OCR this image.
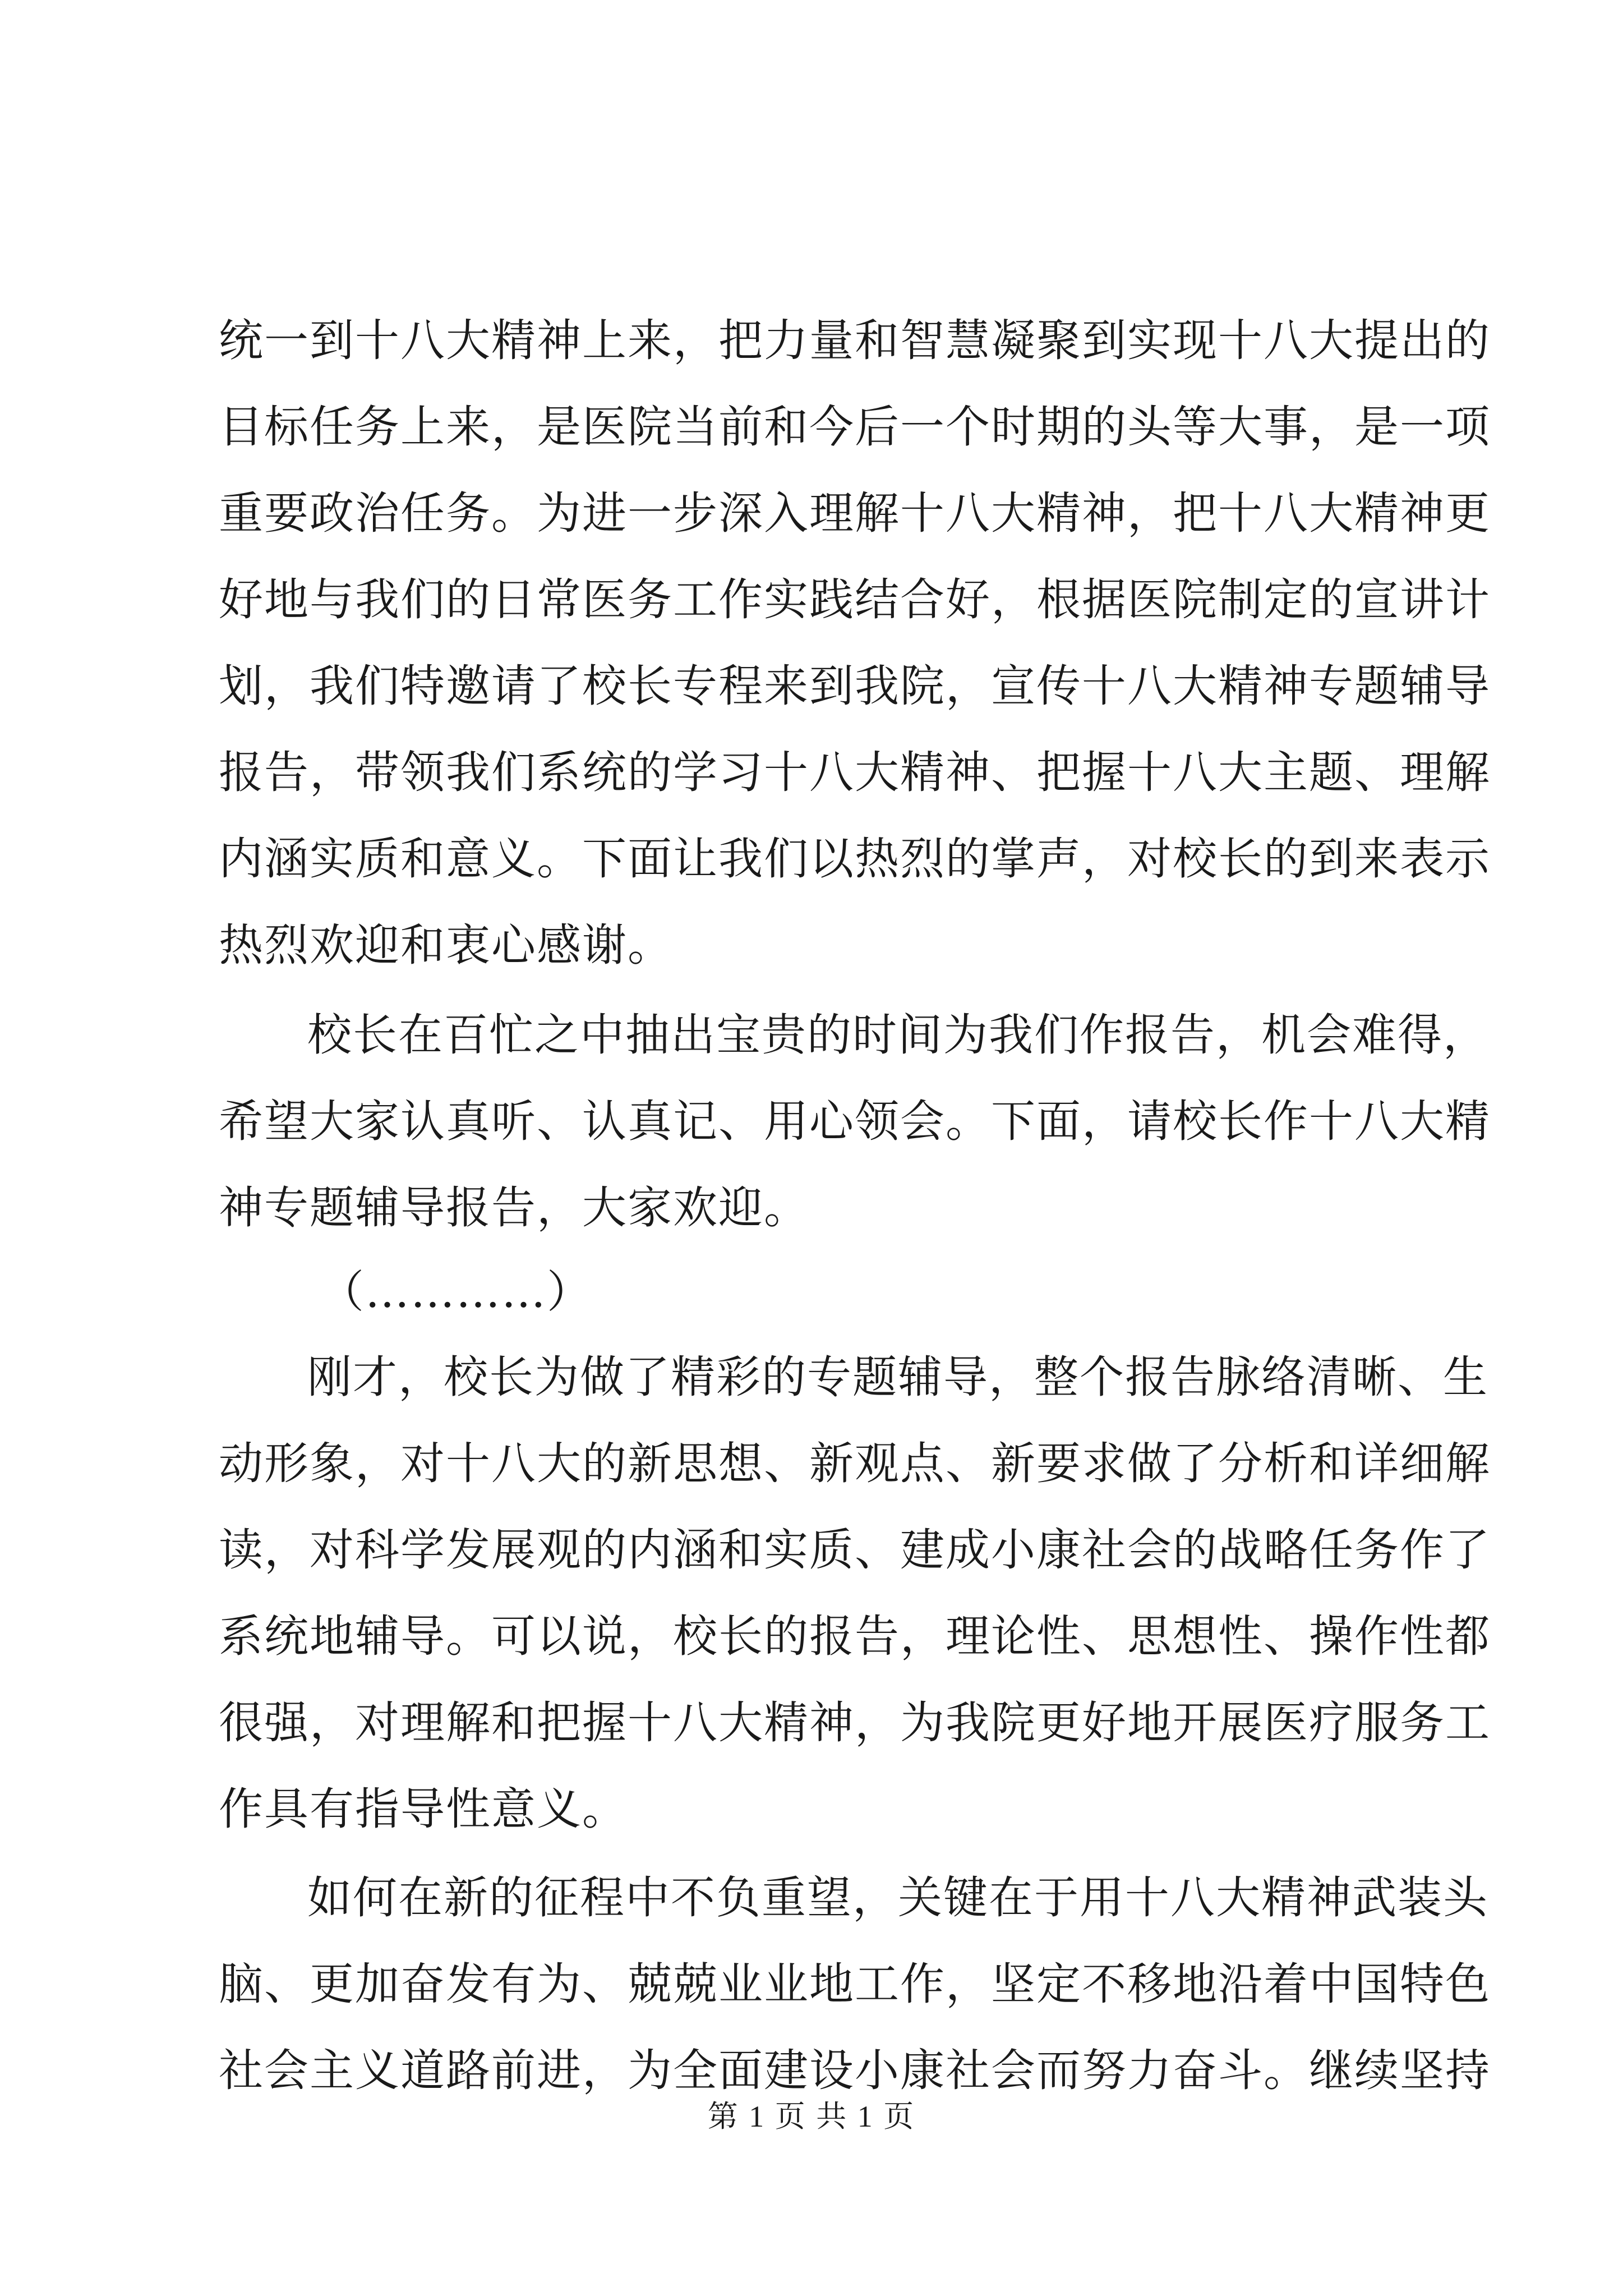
统一到十八大精神上来，把力量和智慧凝聚到实现十八大提出的
目标任务上来，是医院当前和今后一个时期的头等大事，是一项
重要政治任务。为进一步深入理解十八大精神，把十八大精神更
好地与我们的日常医务工作实践结合好，根据医院制定的宣讲计
划，我们特邀请了校长专程来到我院，宣传十八大精神专题辅导
报告，带领我们系统的学习十八大精神、把握十八大主题、理解
内涵实质和意义。下面让我们以热烈的掌声，对校长的到来表示
热烈欢迎和衷心感谢。
校长在百忙之中抽出宝贵的时间为我们作报告，机会难得，
希望大家认真听、认真记、用心领会。下面，请校长作十八大精
神专题辅导报告，大家欢迎。
（…………）
刚才，校长为做了精彩的专题辅导，整个报告脉络清晰、生
动形象，对十八大的新思想、新观点、新要求做了分析和详细解
读，对科学发展观的内涵和实质、建成小康社会的战略任务作了
系统地辅导。可以说，校长的报告，理论性、思想性、操作性都
很强，对理解和把握十八大精神，为我院更好地开展医疗服务工
作具有指导性意义。
如何在新的征程中不负重望，关键在于用十八大精神武装头
脑、更加奋发有为、兢兢业业地工作，坚定不移地沿着中国特色
社会主义道路前进，为全面建设小康社会而努力奋斗。继续坚持
第 1 页 共 1 页
